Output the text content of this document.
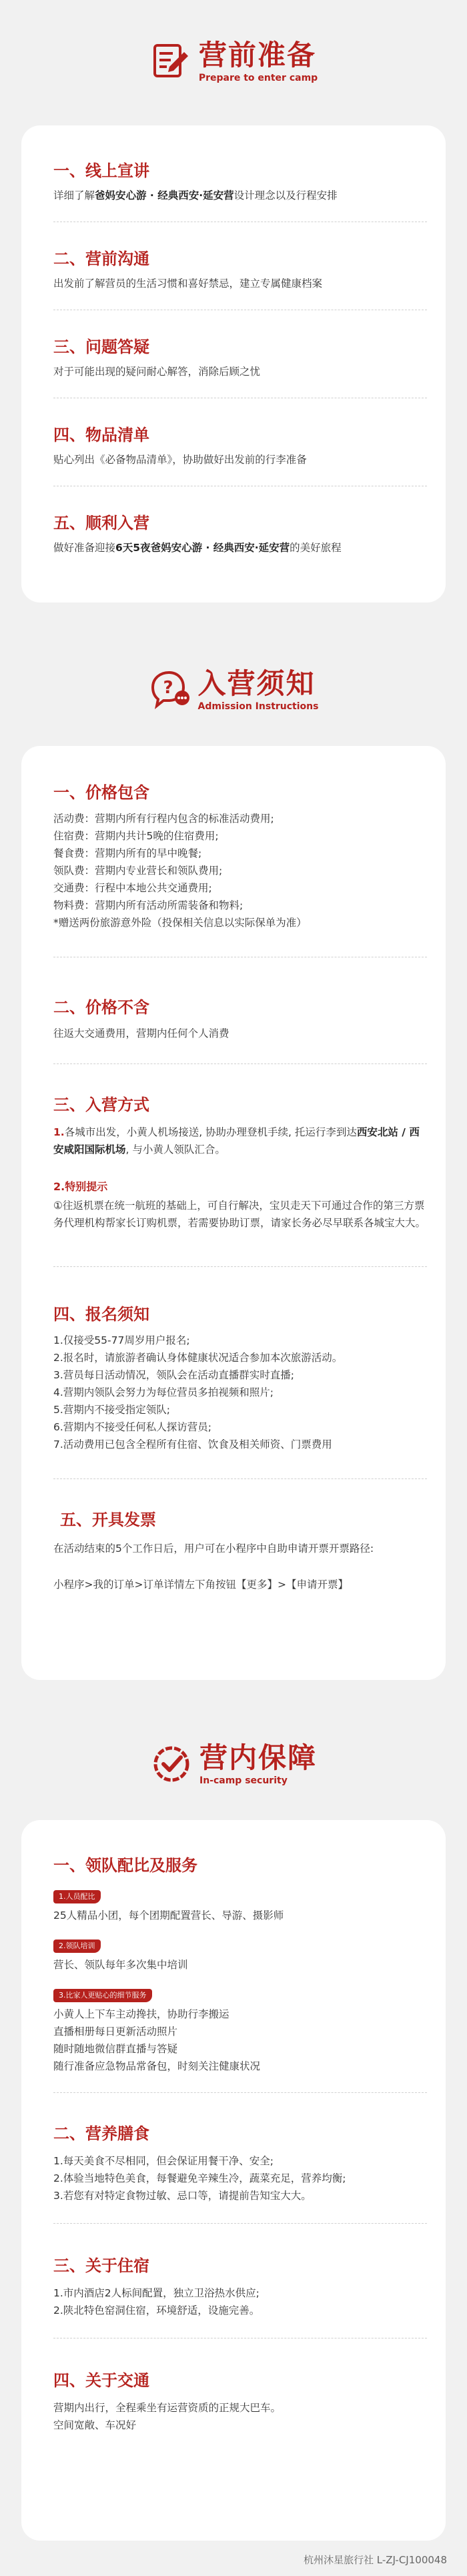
营前准备
Prepare to enter camp
一、线上宣讲
详细了解爸妈安心游 · 经典西安·延安营设计理念以及行程安排
二、营前沟通
出发前了解营员的生活习惯和喜好禁忌，建立专属健康档案
三、问题答疑
对于可能出现的疑问耐心解答，消除后顾之忧
四、物品清单
贴心列出《必备物品清单》，协助做好出发前的行李准备
五、顺利入营
做好准备迎接6天5夜爸妈安心游 · 经典西安·延安营的美好旅程
? 入营须知
Admission Instructions
一、价格包含
活动费：营期内所有行程内包含的标准活动费用;
住宿费：营期内共计5晚的住宿费用;
餐食费：营期内所有的早中晚餐;
领队费：营期内专业营长和领队费用;
交通费：行程中本地公共交通费用;
物料费：营期内所有活动所需装备和物料;
*赠送两份旅游意外险（投保相关信息以实际保单为准）
二、价格不含
往返大交通费用，营期内任何个人消费
三、入营方式
1.各城市出发，小黄人机场接送, 协助办理登机手续, 托运行李到达西安北站 / 西安咸阳国际机场, 与小黄人领队汇合。
2.特别提示
①往返机票在统一航班的基础上，可自行解决，宝贝走天下可通过合作的第三方票务代理机构帮家长订购机票，若需要协助订票，请家长务必尽早联系各城宝大大。
四、报名须知
1.仅接受55-77周岁用户报名;
2.报名时，请旅游者确认身体健康状况适合参加本次旅游活动。
3.营员每日活动情况，领队会在活动直播群实时直播;
4.营期内领队会努力为每位营员多拍视频和照片;
5.营期内不接受指定领队;
6.营期内不接受任何私人探访营员;
7.活动费用已包含全程所有住宿、饮食及相关师资、门票费用
五、开具发票
在活动结束的5个工作日后，用户可在小程序中自助申请开票开票路径:
小程序>我的订单>订单详情左下角按钮【更多】>【申请开票】
营内保障
In-camp security
一、领队配比及服务
1.人员配比
25人精品小团，每个团期配置营长、导游、摄影师
2.领队培训
营长、领队每年多次集中培训
3.比家人更贴心的细节服务
小黄人上下车主动搀扶，协助行李搬运
直播相册每日更新活动照片
随时随地微信群直播与答疑
随行准备应急物品常备包，时刻关注健康状况
二、营养膳食
1.每天美食不尽相同，但会保证用餐干净、安全;
2.体验当地特色美食，每餐避免辛辣生冷，蔬菜充足，营养均衡;
3.若您有对特定食物过敏、忌口等，请提前告知宝大大。
三、关于住宿
1.市内酒店2人标间配置，独立卫浴热水供应;
2.陕北特色窑洞住宿，环境舒适，设施完善。
四、关于交通
营期内出行，全程乘坐有运营资质的正规大巴车。
空间宽敞、车况好
杭州沐星旅行社 L-ZJ-CJ100048
